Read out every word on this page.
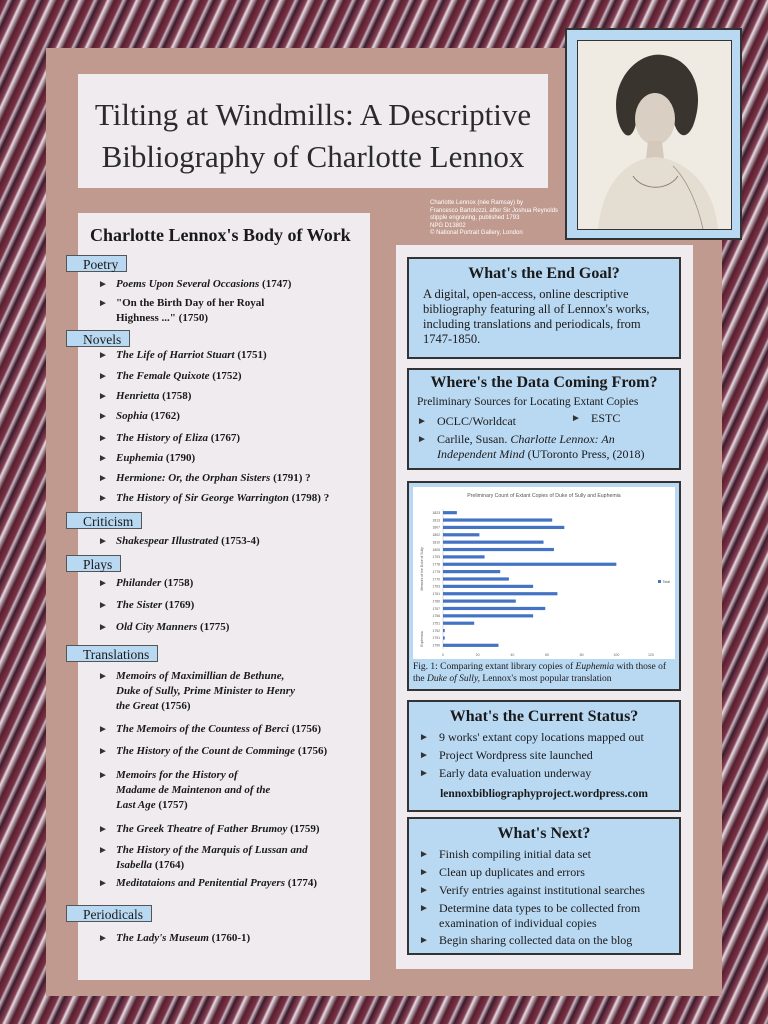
Tilting at Windmills: A Descriptive
Bibliography of Charlotte Lennox
Charlotte Lennox (née Ramsay) by
Francesco Bartolozzi, after Sir Joshua Reynolds
stipple engraving, published 1793
NPG D13802
© National Portrait Gallery, London
Charlotte Lennox's Body of Work
Poetry
► Poems Upon Several Occasions (1747)
► "On the Birth Day of her Royal Highness ..." (1750)
Novels
► The Life of Harriot Stuart (1751)
► The Female Quixote (1752)
► Henrietta (1758)
► Sophia (1762)
► The History of Eliza (1767)
► Euphemia (1790)
► Hermione: Or, the Orphan Sisters (1791) ?
► The History of Sir George Warrington (1798) ?
Criticism
► Shakespear Illustrated (1753-4)
Plays
► Philander (1758)
► The Sister (1769)
► Old City Manners (1775)
Translations
► Memoirs of Maximillian de Bethune, Duke of Sully, Prime Minister to Henry the Great (1756)
► The Memoirs of the Countess of Berci (1756)
► The History of the Count de Comminge (1756)
► Memoirs for the History of Madame de Maintenon and of the Last Age (1757)
► The Greek Theatre of Father Brumoy (1759)
► The History of the Marquis of Lussan and Isabella (1764)
► Meditataions and Penitential Prayers (1774)
Periodicals
► The Lady's Museum (1760-1)
What's the End Goal?

A digital, open-access, online descriptive bibliography featuring all of Lennox's works, including translations and periodicals, from 1747-1850.

Where's the Data Coming From?

Preliminary Sources for Locating Extant Copies

► OCLC/Worldcat	► ESTC
► Carlile, Susan. Charlotte Lennox: An Independent Mind (UToronto Press, (2018)
Preliminary Count of Extant Copies of Duke of Sully and Euphemia
0	20	40	60	80	100	120
1823
1813
1807
1802
1810
1805
1793
1778
1775
1770
1763
1761
1760
1757
1756
1751
1792
1791
1790
Memoirs of the Duke of Sully
Euphemia
Total
Fig. 1: Comparing extant library copies of Euphemia with those of the Duke of Sully, Lennox's most popular translation
What's the Current Status?
► 9 works' extant copy locations mapped out
► Project Wordpress site launched
► Early data evaluation underway
lennoxbibliographyproject.wordpress.com
What's Next?
► Finish compiling initial data set
► Clean up duplicates and errors
► Verify entries against institutional searches
► Determine data types to be collected from examination of individual copies
► Begin sharing collected data on the blog
